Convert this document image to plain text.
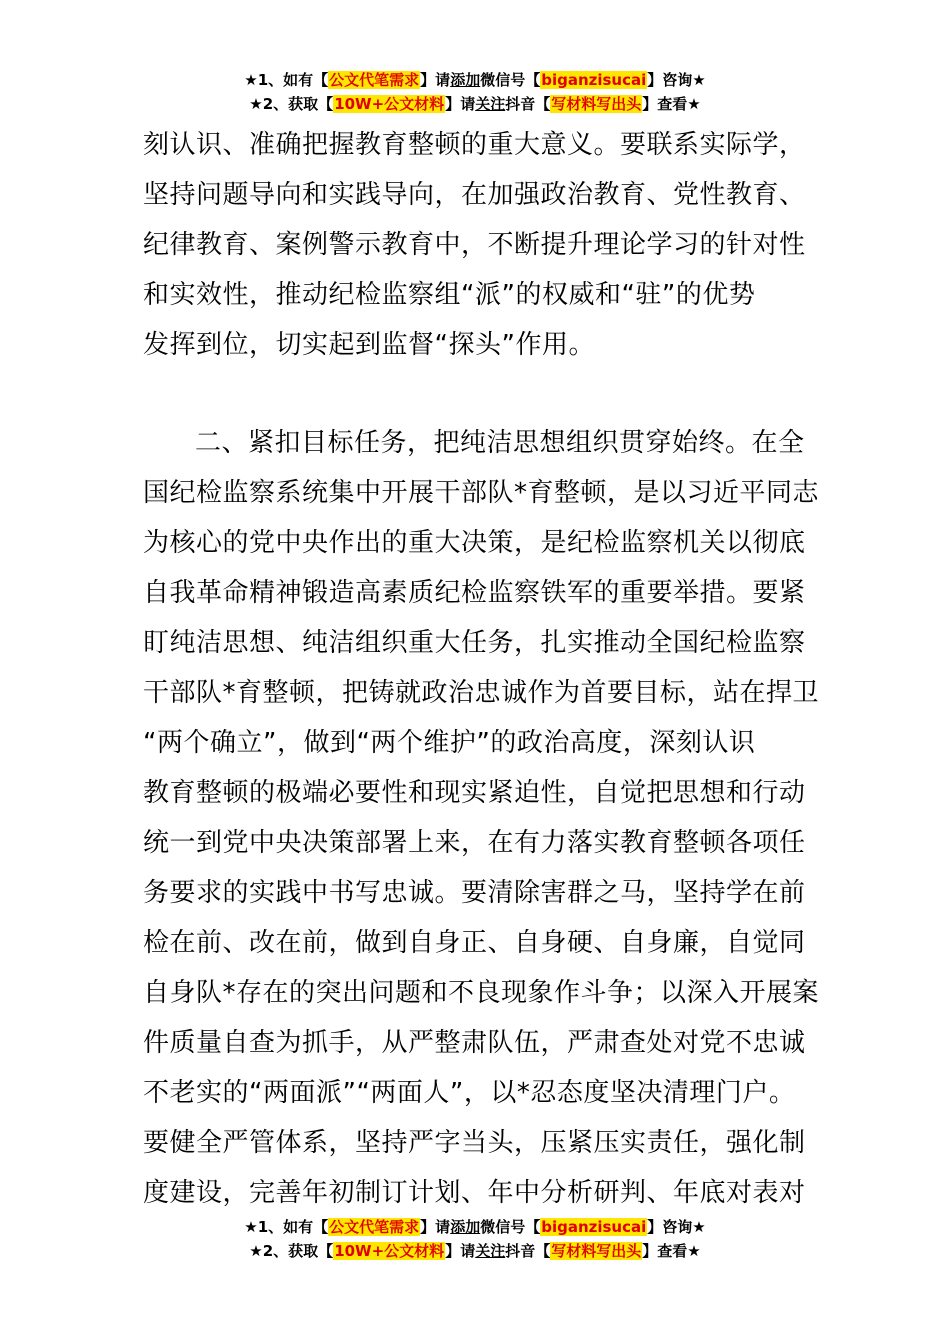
★1、如有【公文代笔需求】请添加微信号【biganzisucai】咨询★
★2、获取【10W+公文材料】请关注抖音【写材料写出头】查看★
刻认识、准确把握教育整顿的重大意义。要联系实际学，
坚持问题导向和实践导向，在加强政治教育、党性教育、
纪律教育、案例警示教育中，不断提升理论学习的针对性
和实效性，推动纪检监察组“派”的权威和“驻”的优势
发挥到位，切实起到监督“探头”作用。
二、紧扣目标任务，把纯洁思想组织贯穿始终。在全
国纪检监察系统集中开展干部队*育整顿，是以习近平同志
为核心的党中央作出的重大决策，是纪检监察机关以彻底
自我革命精神锻造高素质纪检监察铁军的重要举措。要紧
盯纯洁思想、纯洁组织重大任务，扎实推动全国纪检监察
干部队*育整顿，把铸就政治忠诚作为首要目标，站在捍卫
“两个确立”，做到“两个维护”的政治高度，深刻认识
教育整顿的极端必要性和现实紧迫性，自觉把思想和行动
统一到党中央决策部署上来，在有力落实教育整顿各项任
务要求的实践中书写忠诚。要清除害群之马，坚持学在前
检在前、改在前，做到自身正、自身硬、自身廉，自觉同
自身队*存在的突出问题和不良现象作斗争；以深入开展案
件质量自查为抓手，从严整肃队伍，严肃查处对党不忠诚
不老实的“两面派”“两面人”，以*忍态度坚决清理门户。
要健全严管体系，坚持严字当头，压紧压实责任，强化制
度建设，完善年初制订计划、年中分析研判、年底对表对
★1、如有【公文代笔需求】请添加微信号【biganzisucai】咨询★
★2、获取【10W+公文材料】请关注抖音【写材料写出头】查看★
